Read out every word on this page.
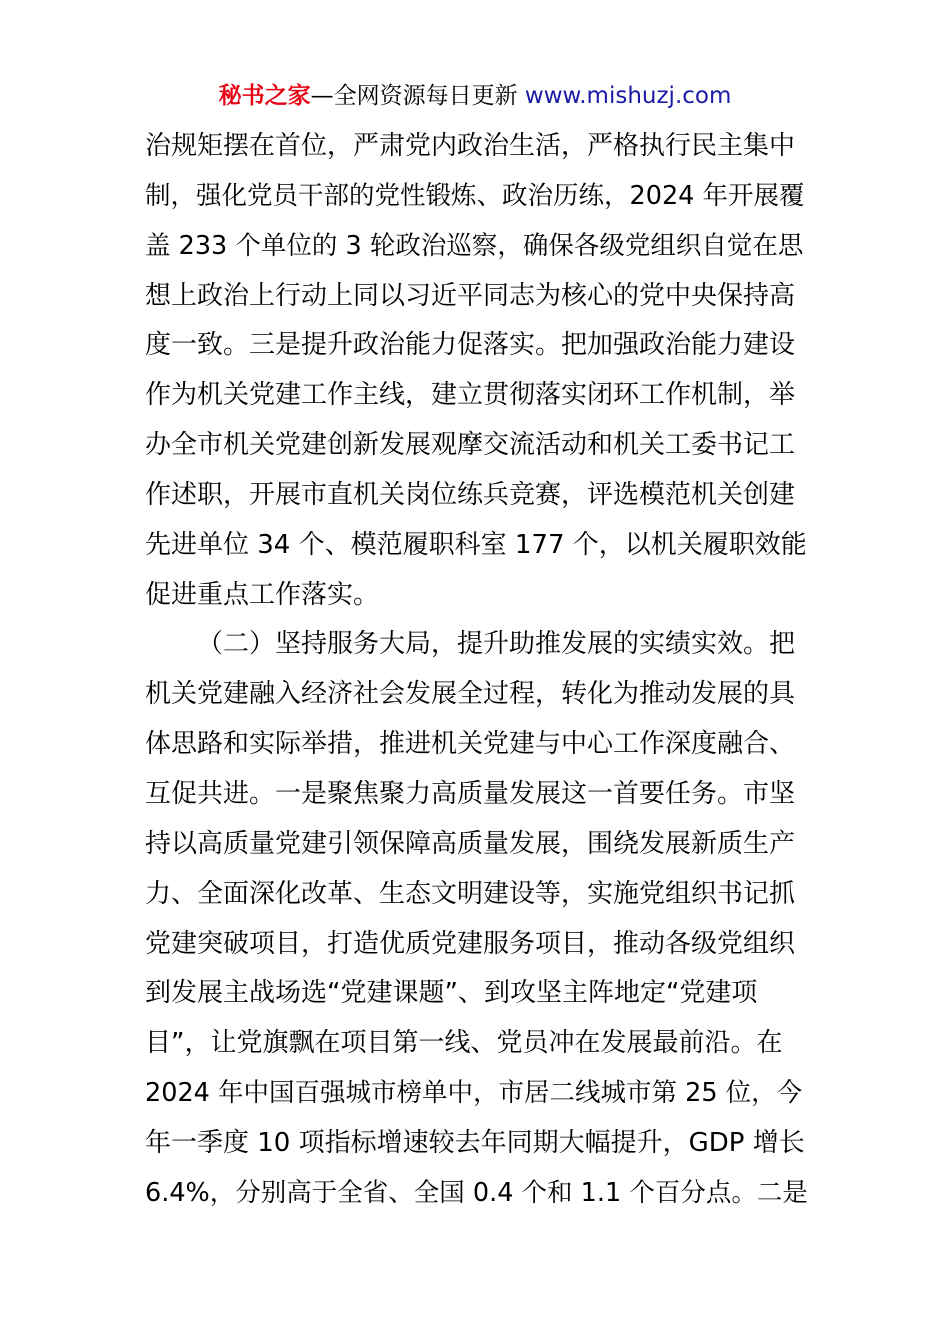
秘书之家—全网资源每日更新 www.mishuzj.com
治规矩摆在首位，严肃党内政治生活，严格执行民主集中
制，强化党员干部的党性锻炼、政治历练，2024 年开展覆
盖 233 个单位的 3 轮政治巡察，确保各级党组织自觉在思
想上政治上行动上同以习近平同志为核心的党中央保持高
度一致。三是提升政治能力促落实。把加强政治能力建设
作为机关党建工作主线，建立贯彻落实闭环工作机制，举
办全市机关党建创新发展观摩交流活动和机关工委书记工
作述职，开展市直机关岗位练兵竞赛，评选模范机关创建
先进单位 34 个、模范履职科室 177 个，以机关履职效能
促进重点工作落实。
（二）坚持服务大局，提升助推发展的实绩实效。把
机关党建融入经济社会发展全过程，转化为推动发展的具
体思路和实际举措，推进机关党建与中心工作深度融合、
互促共进。一是聚焦聚力高质量发展这一首要任务。市坚
持以高质量党建引领保障高质量发展，围绕发展新质生产
力、全面深化改革、生态文明建设等，实施党组织书记抓
党建突破项目，打造优质党建服务项目，推动各级党组织
到发展主战场选“党建课题”、到攻坚主阵地定“党建项
目”，让党旗飘在项目第一线、党员冲在发展最前沿。在
2024 年中国百强城市榜单中，市居二线城市第 25 位，今
年一季度 10 项指标增速较去年同期大幅提升，GDP 增长
6.4%，分别高于全省、全国 0.4 个和 1.1 个百分点。二是
